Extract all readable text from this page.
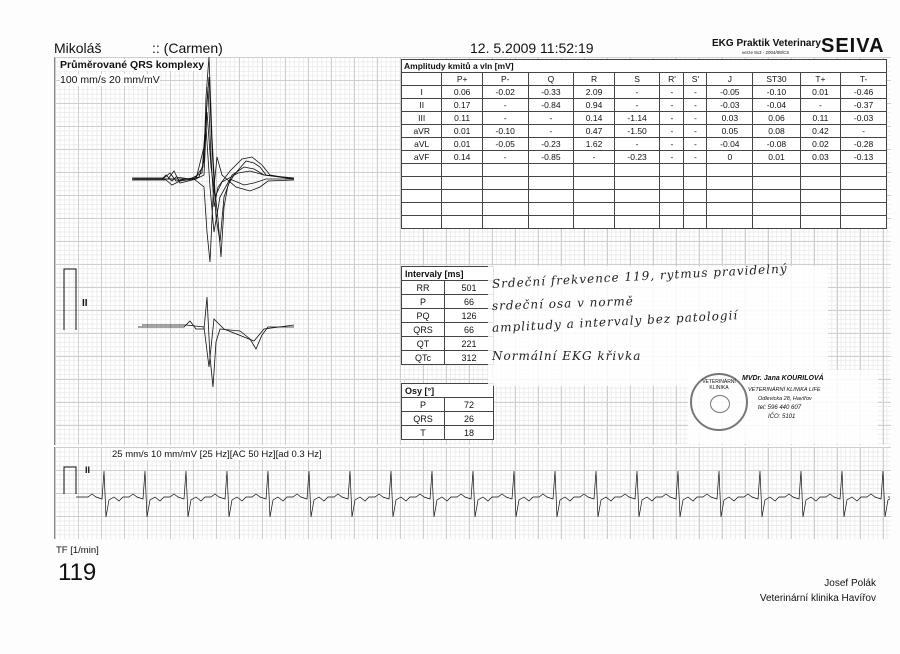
Mikoláš	:: (Carmen)	12. 5.2009 11:52:19	EKG Praktik Veterinary
verze 8x3 - 2004/08/CS SEIVA
Průměrované QRS komplexy
100 mm/s 20 mm/mV
II
Amplitudy kmitů a vln [mV]											
	P+	P-	Q	R	S	R'	S'	J	ST30	T+	T-
I	0.06	-0.02	-0.33	2.09	-	-	-	-0.05	-0.10	0.01	-0.46
II	0.17	-	-0.84	0.94	-	-	-	-0.03	-0.04	-	-0.37
III	0.11	-	-	0.14	-1.14	-	-	0.03	0.06	0.11	-0.03
aVR	0.01	-0.10	-	0.47	-1.50	-	-	0.05	0.08	0.42	-
aVL	0.01	-0.05	-0.23	1.62	-	-	-	-0.04	-0.08	0.02	-0.28
aVF	0.14	-	-0.85	-	-0.23	-	-	0	0.01	0.03	-0.13

Intervaly [ms]	
RR	501
P	66
PQ	126
QRS	66
QT	221
QTc	312
Osy [°]	
P	72
QRS	26
T	18
Srdeční frekvence 119, rytmus pravidelný
srdeční osa v normě
amplitudy a intervaly bez patologií
Normální EKG křivka
VETERINÁRNÍ KLINIKA
MVDr. Jana KOURILOVÁ
VETERINÁRNÍ KLINIKA LIFE
Odlevicka 28, Havířov
tel: 596 440 607
IČO: 5101
25 mm/s 10 mm/mV [25 Hz][AC 50 Hz][ad 0.3 Hz]
II
TF [1/min]
119	Josef Polák
Veterinární klinika Havířov
